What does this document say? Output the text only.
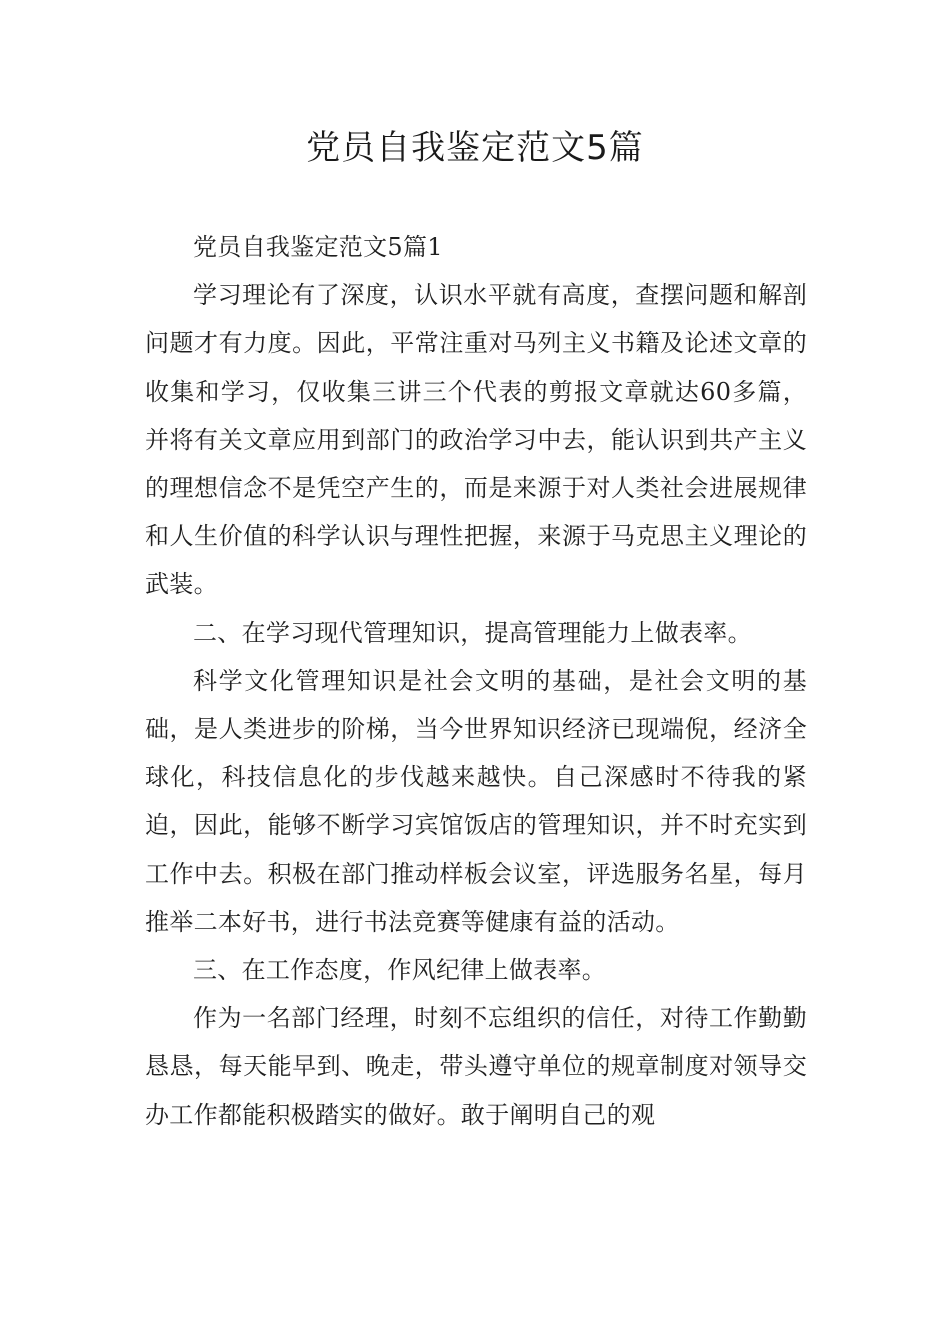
党员自我鉴定范文5篇

党员自我鉴定范文5篇1

学习理论有了深度，认识水平就有高度，查摆问题和解剖问题才有力度。因此，平常注重对马列主义书籍及论述文章的收集和学习，仅收集三讲三个代表的剪报文章就达60多篇，并将有关文章应用到部门的政治学习中去，能认识到共产主义的理想信念不是凭空产生的，而是来源于对人类社会进展规律和人生价值的科学认识与理性把握，来源于马克思主义理论的武装。

二、在学习现代管理知识，提高管理能力上做表率。

科学文化管理知识是社会文明的基础，是社会文明的基础，是人类进步的阶梯，当今世界知识经济已现端倪，经济全球化，科技信息化的步伐越来越快。自己深感时不待我的紧迫，因此，能够不断学习宾馆饭店的管理知识，并不时充实到工作中去。积极在部门推动样板会议室，评选服务名星，每月推举二本好书，进行书法竞赛等健康有益的活动。

三、在工作态度，作风纪律上做表率。

作为一名部门经理，时刻不忘组织的信任，对待工作勤勤恳恳，每天能早到、晚走，带头遵守单位的规章制度对领导交办工作都能积极踏实的做好。敢于阐明自己的观
